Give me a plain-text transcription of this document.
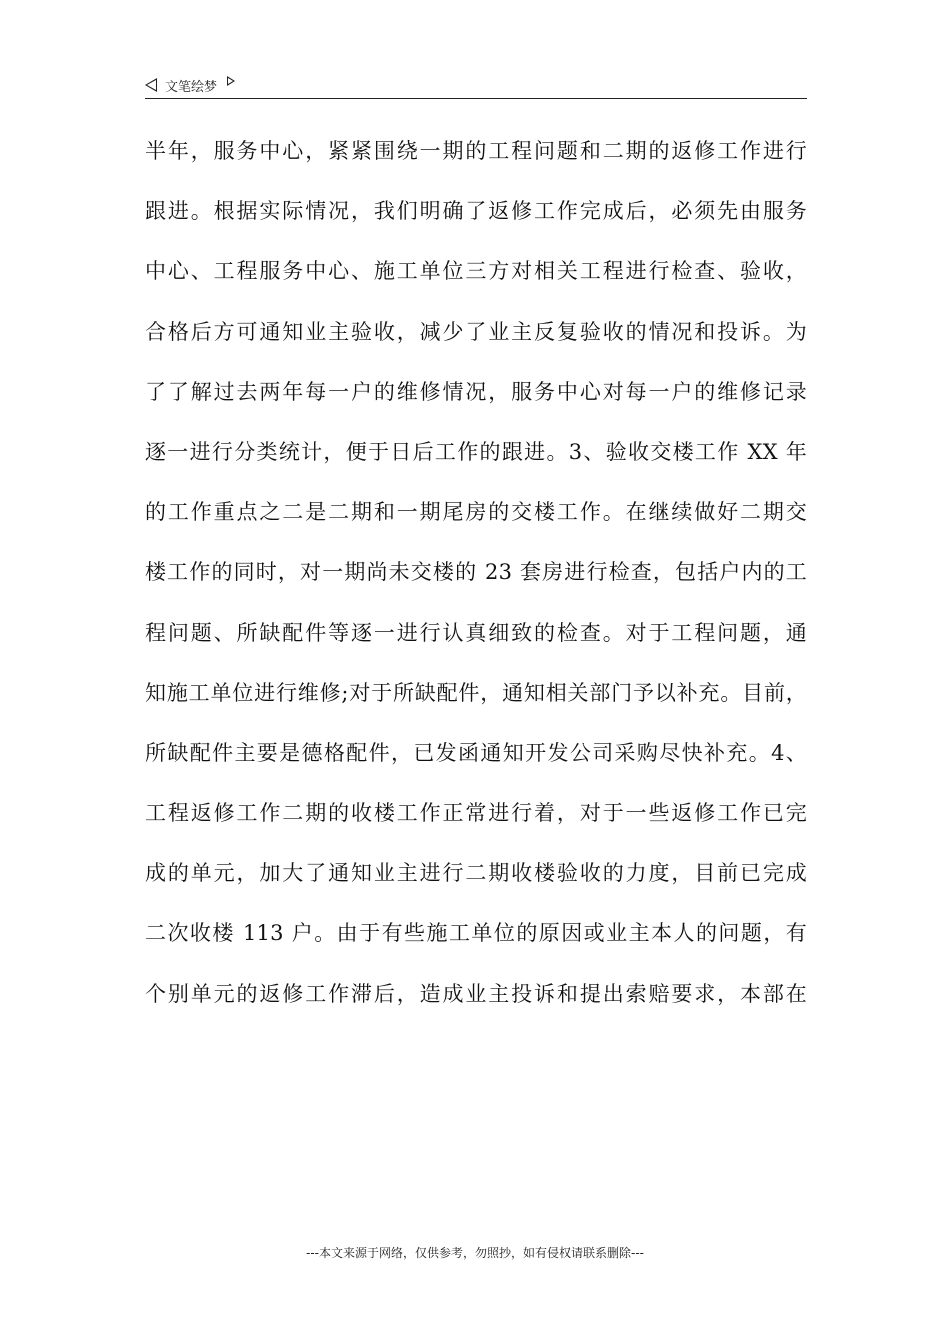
文笔绘梦
半年，服务中心，紧紧围绕一期的工程问题和二期的返修工作进行
跟进。根据实际情况，我们明确了返修工作完成后，必须先由服务
中心、工程服务中心、施工单位三方对相关工程进行检查、验收，
合格后方可通知业主验收，减少了业主反复验收的情况和投诉。为
了了解过去两年每一户的维修情况，服务中心对每一户的维修记录
逐一进行分类统计，便于日后工作的跟进。3、验收交楼工作 XX 年
的工作重点之二是二期和一期尾房的交楼工作。在继续做好二期交
楼工作的同时，对一期尚未交楼的 23 套房进行检查，包括户内的工
程问题、所缺配件等逐一进行认真细致的检查。对于工程问题，通
知施工单位进行维修;对于所缺配件，通知相关部门予以补充。目前，
所缺配件主要是德格配件，已发函通知开发公司采购尽快补充。4、
工程返修工作二期的收楼工作正常进行着，对于一些返修工作已完
成的单元，加大了通知业主进行二期收楼验收的力度，目前已完成
二次收楼 113 户。由于有些施工单位的原因或业主本人的问题，有
个别单元的返修工作滞后，造成业主投诉和提出索赔要求，本部在
---本文来源于网络，仅供参考，勿照抄，如有侵权请联系删除---
